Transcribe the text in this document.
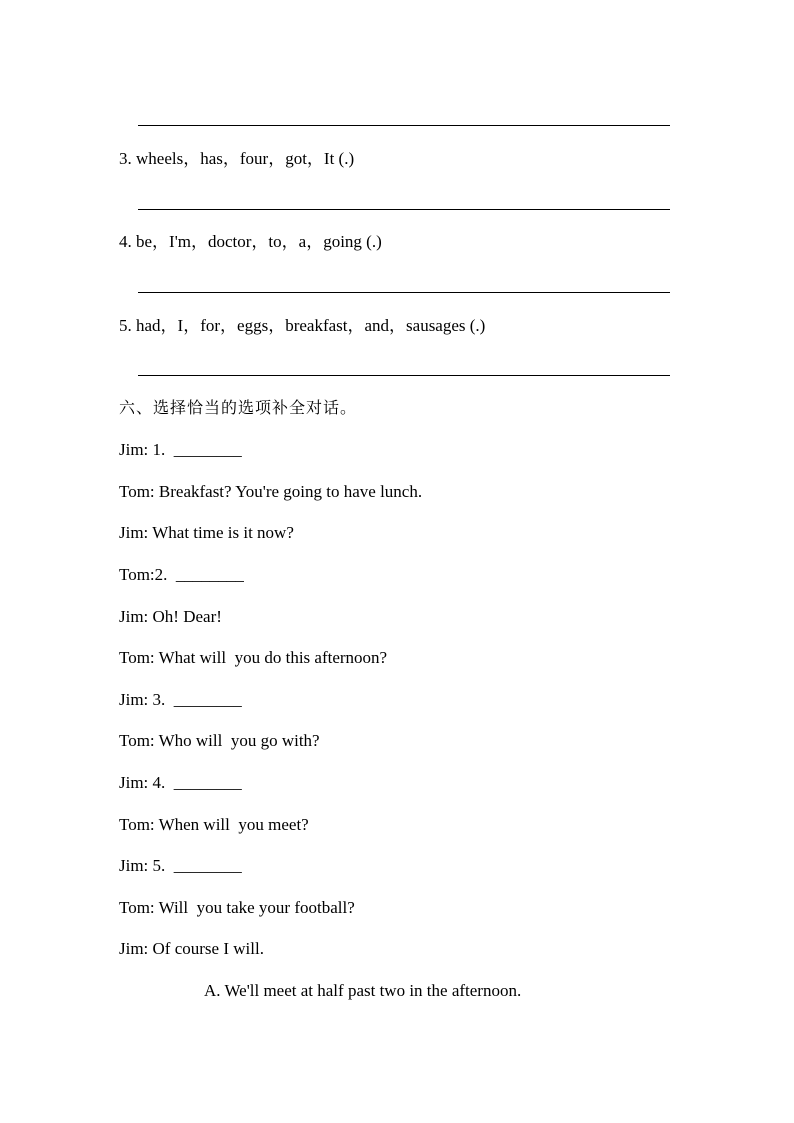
3. wheels，has，four，got，It (.)
4. be，I'm，doctor，to，a，going (.)
5. had，I，for，eggs，breakfast，and，sausages (.)
六、选择恰当的选项补全对话。
Jim: 1.  ________
Tom: Breakfast? You're going to have lunch.
Jim: What time is it now?
Tom:2.  ________
Jim: Oh! Dear!
Tom: What will  you do this afternoon?
Jim: 3.  ________
Tom: Who will  you go with?
Jim: 4.  ________
Tom: When will  you meet?
Jim: 5.  ________
Tom: Will  you take your football?
Jim: Of course I will.
A. We'll meet at half past two in the afternoon.
